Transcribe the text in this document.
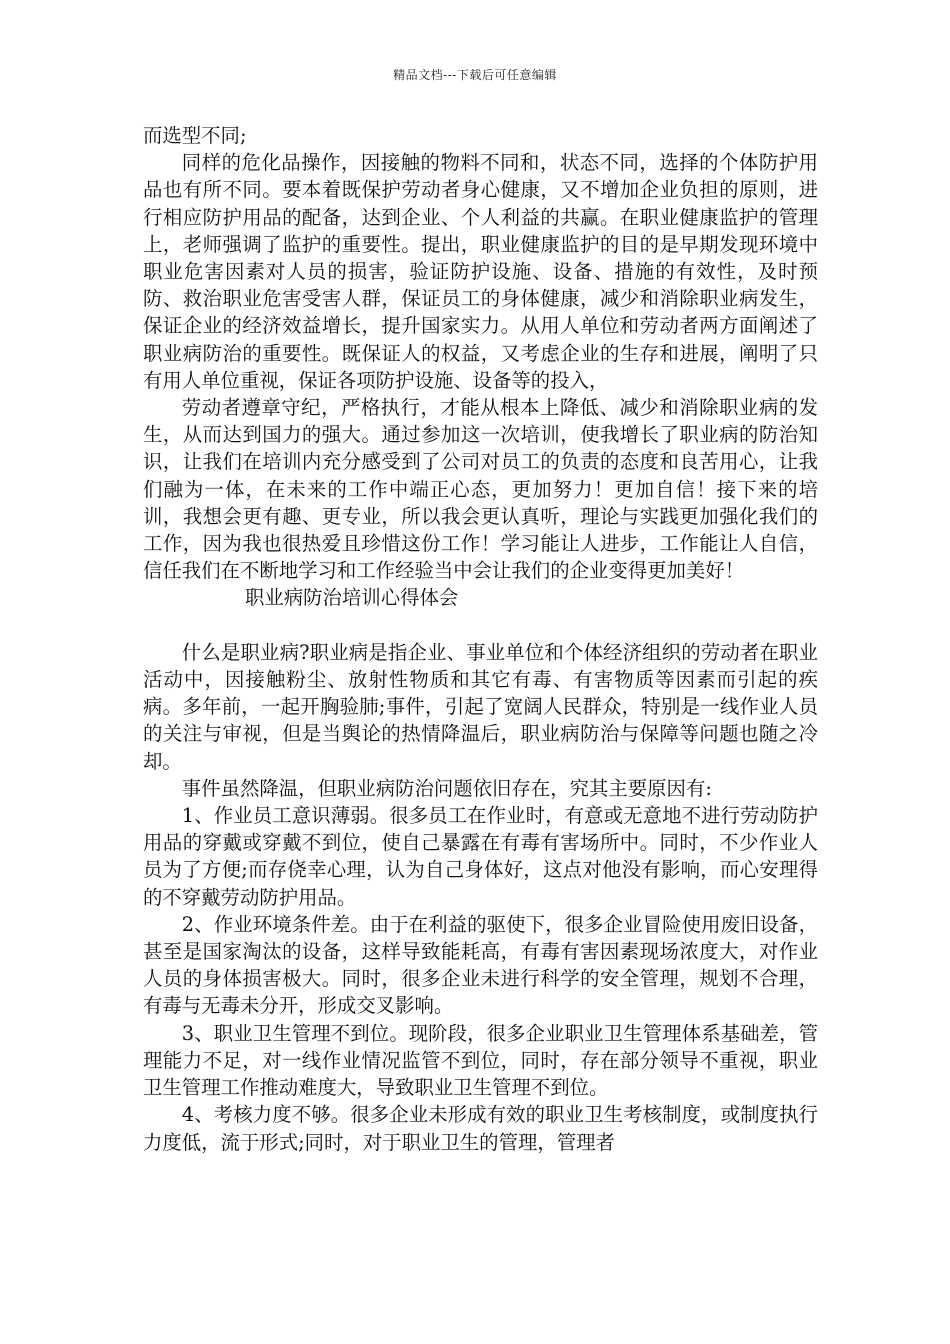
精品文档---下载后可任意编辑

而选型不同;

同样的危化品操作，因接触的物料不同和，状态不同，选择的个体防护用品也有所不同。要本着既保护劳动者身心健康，又不增加企业负担的原则，进行相应防护用品的配备，达到企业、个人利益的共赢。在职业健康监护的管理上，老师强调了监护的重要性。提出，职业健康监护的目的是早期发现环境中职业危害因素对人员的损害，验证防护设施、设备、措施的有效性，及时预防、救治职业危害受害人群，保证员工的身体健康，减少和消除职业病发生，保证企业的经济效益增长，提升国家实力。从用人单位和劳动者两方面阐述了职业病防治的重要性。既保证人的权益，又考虑企业的生存和进展，阐明了只有用人单位重视，保证各项防护设施、设备等的投入，

劳动者遵章守纪，严格执行，才能从根本上降低、减少和消除职业病的发生，从而达到国力的强大。通过参加这一次培训，使我增长了职业病的防治知识，让我们在培训内充分感受到了公司对员工的负责的态度和良苦用心，让我们融为一体，在未来的工作中端正心态，更加努力！更加自信！接下来的培训，我想会更有趣、更专业，所以我会更认真听，理论与实践更加强化我们的工作，因为我也很热爱且珍惜这份工作！学习能让人进步，工作能让人自信，信任我们在不断地学习和工作经验当中会让我们的企业变得更加美好！

职业病防治培训心得体会

什么是职业病?职业病是指企业、事业单位和个体经济组织的劳动者在职业活动中，因接触粉尘、放射性物质和其它有毒、有害物质等因素而引起的疾病。多年前，一起开胸验肺;事件，引起了宽阔人民群众，特别是一线作业人员的关注与审视，但是当舆论的热情降温后，职业病防治与保障等问题也随之冷却。

事件虽然降温，但职业病防治问题依旧存在，究其主要原因有:

1、作业员工意识薄弱。很多员工在作业时，有意或无意地不进行劳动防护用品的穿戴或穿戴不到位，使自己暴露在有毒有害场所中。同时，不少作业人员为了方便;而存侥幸心理，认为自己身体好，这点对他没有影响，而心安理得的不穿戴劳动防护用品。

2、作业环境条件差。由于在利益的驱使下，很多企业冒险使用废旧设备，甚至是国家淘汰的设备，这样导致能耗高，有毒有害因素现场浓度大，对作业人员的身体损害极大。同时，很多企业未进行科学的安全管理，规划不合理，有毒与无毒未分开，形成交叉影响。

3、职业卫生管理不到位。现阶段，很多企业职业卫生管理体系基础差，管理能力不足，对一线作业情况监管不到位，同时，存在部分领导不重视，职业卫生管理工作推动难度大，导致职业卫生管理不到位。

4、考核力度不够。很多企业未形成有效的职业卫生考核制度，或制度执行力度低，流于形式;同时，对于职业卫生的管理，管理者
